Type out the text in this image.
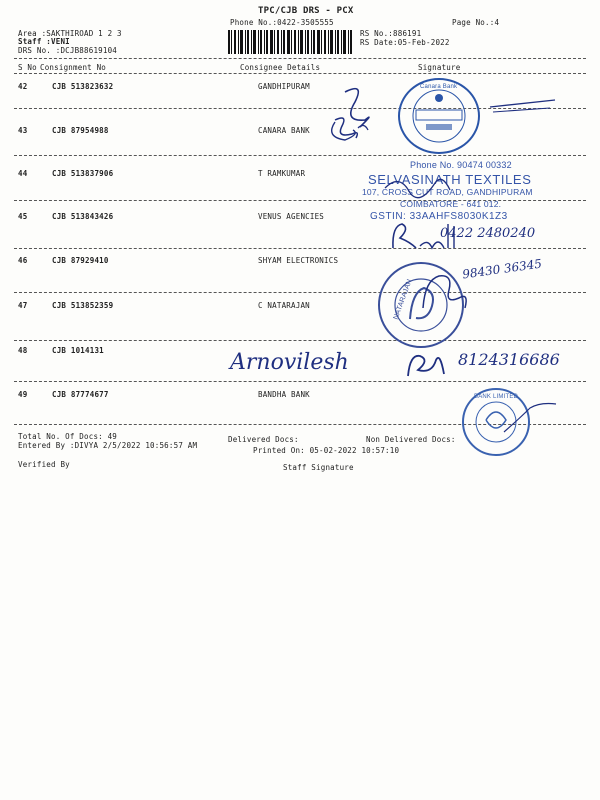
TPC/CJB DRS - PCX
Phone No.:0422-3505555	Page No.:4
Area :SAKTHIROAD 1 2 3
Staff :VENI
DRS No. :DCJB88619104
RS No.:886191
RS Date:05-Feb-2022
S No Consignment No	Consignee Details	Signature
42	CJB 513823632	GANDHIPURAM
43	CJB 87954988	CANARA BANK
44	CJB 513837906	T RAMKUMAR
45	CJB 513843426	VENUS AGENCIES
46	CJB 87929410	SHYAM ELECTRONICS
47	CJB 513852359	C NATARAJAN
48	CJB 1014131
49	CJB 87774677	BANDHA BANK
Canara Bank
Phone No. 90474 00332
SELVASINATH TEXTILES
107, CROSS CUT ROAD, GANDHIPURAM
COIMBATORE - 641 012.
GSTIN: 33AAHFS8030K1Z3
0422 2480240
NATARAJAN
98430 36345
Arnovilesh	8124316686
BANK LIMITED
Total No. Of Docs: 49	Delivered Docs:	Non Delivered Docs:
Entered By :DIVYA 2/5/2022 10:56:57 AM
Printed On: 05-02-2022 10:57:10
Verified By	Staff Signature
